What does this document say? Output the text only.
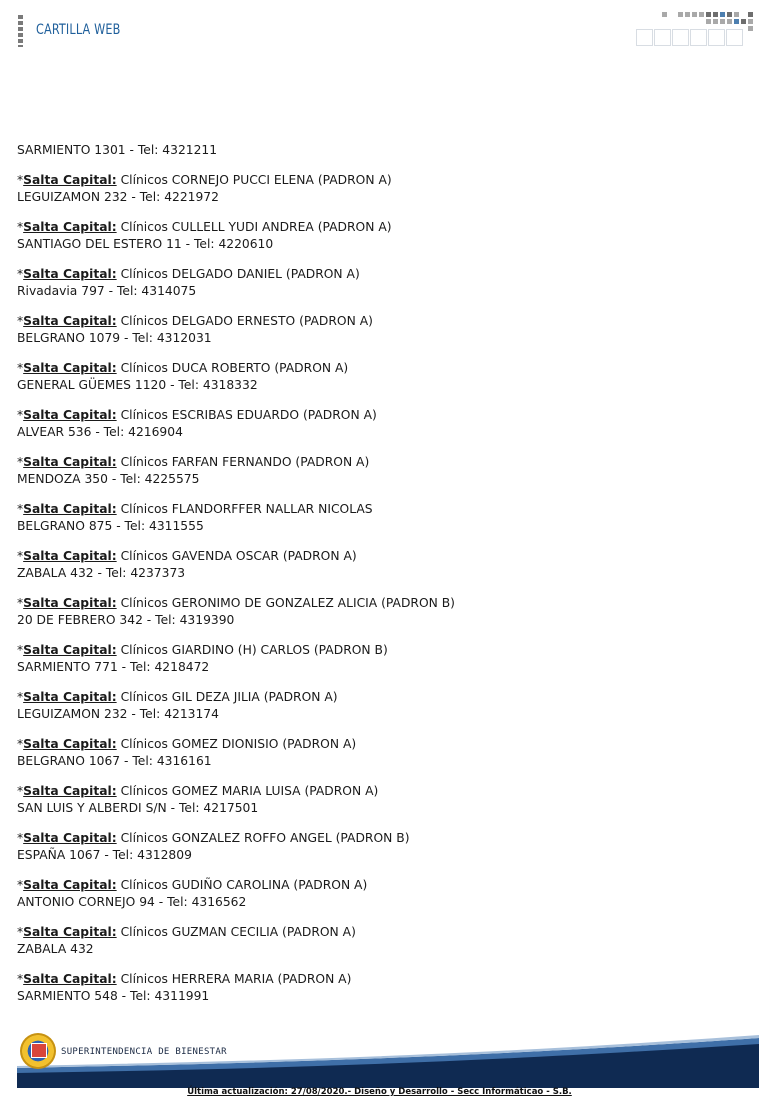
CARTILLA WEB

SARMIENTO 1301 - Tel: 4321211

*Salta Capital: Clínicos CORNEJO PUCCI ELENA (PADRON A)

LEGUIZAMON 232 - Tel: 4221972

*Salta Capital: Clínicos CULLELL YUDI ANDREA (PADRON A)

SANTIAGO DEL ESTERO 11 - Tel: 4220610

*Salta Capital: Clínicos DELGADO DANIEL (PADRON A)

Rivadavia 797 - Tel: 4314075

*Salta Capital: Clínicos DELGADO ERNESTO (PADRON A)

BELGRANO 1079 - Tel: 4312031

*Salta Capital: Clínicos DUCA ROBERTO (PADRON A)

GENERAL GÜEMES 1120 - Tel: 4318332

*Salta Capital: Clínicos ESCRIBAS EDUARDO (PADRON A)

ALVEAR 536 - Tel: 4216904

*Salta Capital: Clínicos FARFAN FERNANDO (PADRON A)

MENDOZA 350 - Tel: 4225575

*Salta Capital: Clínicos FLANDORFFER NALLAR NICOLAS

BELGRANO 875 - Tel: 4311555

*Salta Capital: Clínicos GAVENDA OSCAR (PADRON A)

ZABALA 432 - Tel: 4237373

*Salta Capital: Clínicos GERONIMO DE GONZALEZ ALICIA (PADRON B)

20 DE FEBRERO 342 - Tel: 4319390

*Salta Capital: Clínicos GIARDINO (H) CARLOS (PADRON B)

SARMIENTO 771 - Tel: 4218472

*Salta Capital: Clínicos GIL DEZA JILIA (PADRON A)

LEGUIZAMON 232 - Tel: 4213174

*Salta Capital: Clínicos GOMEZ DIONISIO (PADRON A)

BELGRANO 1067 - Tel: 4316161

*Salta Capital: Clínicos GOMEZ MARIA LUISA (PADRON A)

SAN LUIS Y ALBERDI S/N - Tel: 4217501

*Salta Capital: Clínicos GONZALEZ ROFFO ANGEL (PADRON B)

ESPAÑA 1067 - Tel: 4312809

*Salta Capital: Clínicos GUDIÑO CAROLINA (PADRON A)

ANTONIO CORNEJO 94 - Tel: 4316562

*Salta Capital: Clínicos GUZMAN CECILIA (PADRON A)

ZABALA 432

*Salta Capital: Clínicos HERRERA MARIA (PADRON A)

SARMIENTO 548 - Tel: 4311991

SUPERINTENDENCIA DE BIENESTAR
Última actualización: 27/08/2020.- Diseño y Desarrollo - Secc Informáticao - S.B.
